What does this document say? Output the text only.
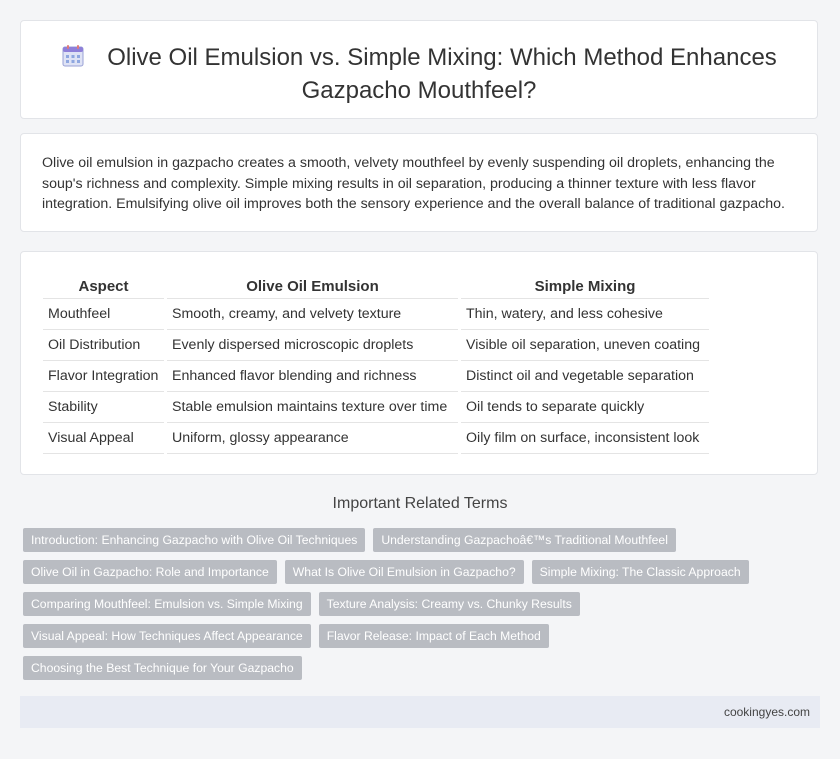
Olive Oil Emulsion vs. Simple Mixing: Which Method Enhances Gazpacho Mouthfeel?
Olive oil emulsion in gazpacho creates a smooth, velvety mouthfeel by evenly suspending oil droplets, enhancing the soup's richness and complexity. Simple mixing results in oil separation, producing a thinner texture with less flavor integration. Emulsifying olive oil improves both the sensory experience and the overall balance of traditional gazpacho.
Aspect	Olive Oil Emulsion	Simple Mixing
Mouthfeel	Smooth, creamy, and velvety texture	Thin, watery, and less cohesive
Oil Distribution	Evenly dispersed microscopic droplets	Visible oil separation, uneven coating
Flavor Integration	Enhanced flavor blending and richness	Distinct oil and vegetable separation
Stability	Stable emulsion maintains texture over time	Oil tends to separate quickly
Visual Appeal	Uniform, glossy appearance	Oily film on surface, inconsistent look
Important Related Terms
Introduction: Enhancing Gazpacho with Olive Oil Techniques	Understanding Gazpachoâ€™s Traditional Mouthfeel
Olive Oil in Gazpacho: Role and Importance	What Is Olive Oil Emulsion in Gazpacho?	Simple Mixing: The Classic Approach
Comparing Mouthfeel: Emulsion vs. Simple Mixing	Texture Analysis: Creamy vs. Chunky Results
Visual Appeal: How Techniques Affect Appearance	Flavor Release: Impact of Each Method
Choosing the Best Technique for Your Gazpacho
cookingyes.com
